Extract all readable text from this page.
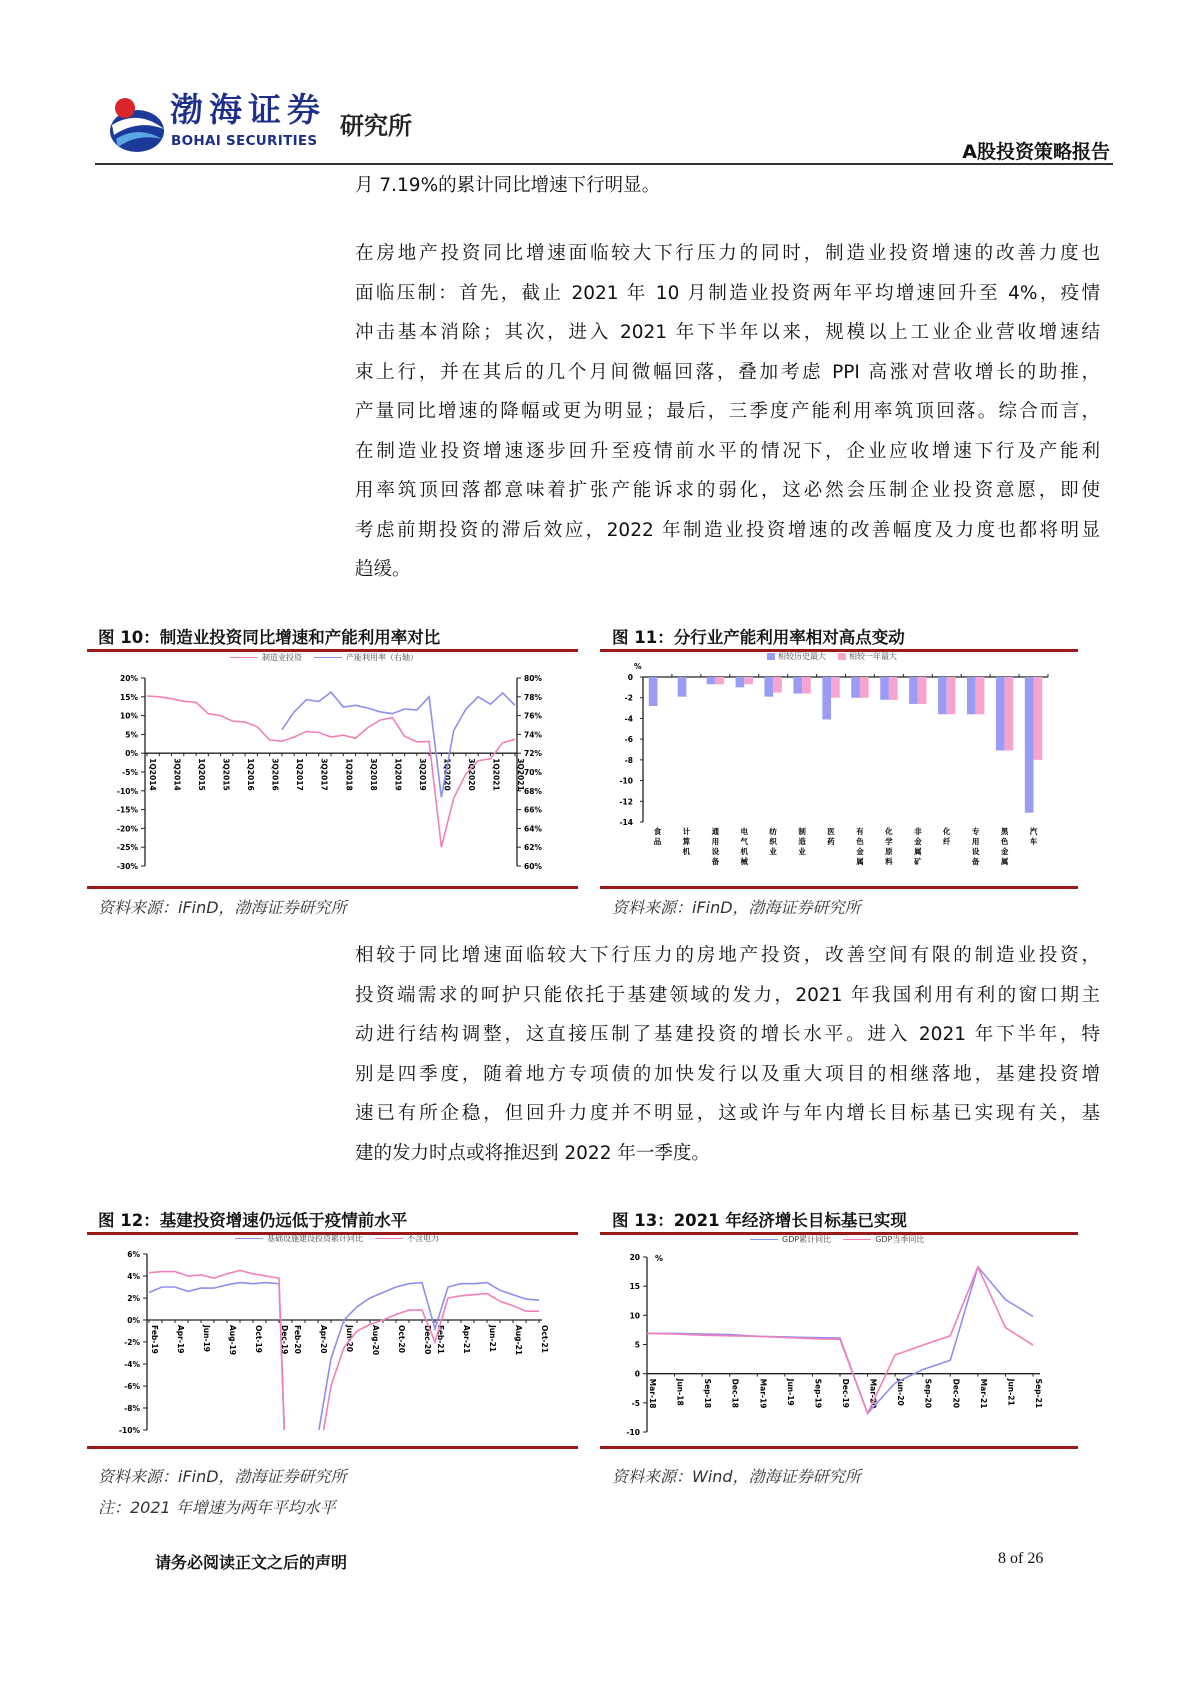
渤海证券
BOHAI SECURITIES
研究所
A股投资策略报告
月 7.19%的累计同比增速下行明显。
在房地产投资同比增速面临较大下行压力的同时，制造业投资增速的改善力度也
面临压制：首先，截止 2021 年 10 月制造业投资两年平均增速回升至 4%，疫情
冲击基本消除；其次，进入 2021 年下半年以来，规模以上工业企业营收增速结
束上行，并在其后的几个月间微幅回落，叠加考虑 PPI 高涨对营收增长的助推，
产量同比增速的降幅或更为明显；最后，三季度产能利用率筑顶回落。综合而言，
在制造业投资增速逐步回升至疫情前水平的情况下，企业应收增速下行及产能利
用率筑顶回落都意味着扩张产能诉求的弱化，这必然会压制企业投资意愿，即使
考虑前期投资的滞后效应，2022 年制造业投资增速的改善幅度及力度也都将明显
趋缓。
图 10：制造业投资同比增速和产能利用率对比
20%
15%
10%
5%
0%
-5%
-10%
-15%
-20%
-25%
-30%
80%
78%
76%
74%
72%
70%
68%
66%
64%
62%
60%
1Q2014 3Q2014 1Q2015 3Q2015 1Q2016 3Q2016 1Q2017 3Q2017 1Q2018 3Q2018 1Q2019 3Q2019 1Q2020 3Q2020 1Q2021 3Q2021
制造业投资	产能利用率（右轴）
资料来源：iFinD，渤海证券研究所
图 11：分行业产能利用率相对高点变动
%
0
-2
-4
-6
-8
-10
-12
-14
食品
计算机
通用设备
电气机械
纺织业
制造业
医药
有色金属
化学原料
非金属矿
化纤
专用设备
黑色金属
汽车
相较历史最大	相较一年最大
资料来源：iFinD，渤海证券研究所
相较于同比增速面临较大下行压力的房地产投资，改善空间有限的制造业投资，
投资端需求的呵护只能依托于基建领域的发力，2021 年我国利用有利的窗口期主
动进行结构调整，这直接压制了基建投资的增长水平。进入 2021 年下半年，特
别是四季度，随着地方专项债的加快发行以及重大项目的相继落地，基建投资增
速已有所企稳，但回升力度并不明显，这或许与年内增长目标基已实现有关，基
建的发力时点或将推迟到 2022 年一季度。
图 12：基建投资增速仍远低于疫情前水平
6%
4%
2%
0%
-2%
-4%
-6%
-8%
-10%
Feb-19 Apr-19 Jun-19 Aug-19 Oct-19 Dec-19 Feb-20 Apr-20 Jun-20 Aug-20 Oct-20 Dec-20 Feb-21 Apr-21 Jun-21 Aug-21 Oct-21
基础设施建设投资累计同比	不含电力
资料来源：iFinD，渤海证券研究所
注：2021 年增速为两年平均水平
图 13：2021 年经济增长目标基已实现
20
15
10
5
0
-5
-10
%
Mar-18 Jun-18 Sep-18 Dec-18 Mar-19 Jun-19 Sep-19 Dec-19 Mar-20 Jun-20 Sep-20 Dec-20 Mar-21 Jun-21 Sep-21
GDP累计同比	GDP当季同比
资料来源：Wind，渤海证券研究所
请务必阅读正文之后的声明	8 of 26
